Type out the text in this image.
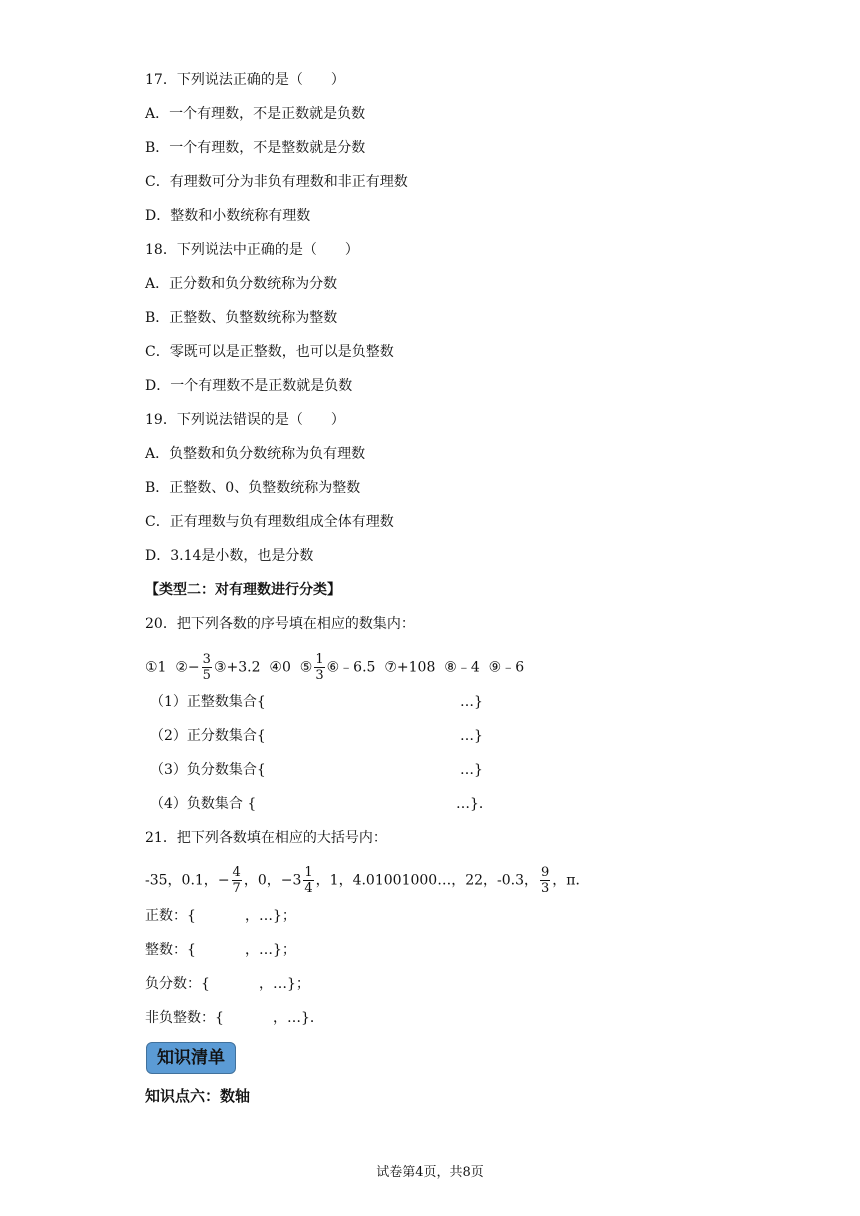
17．下列说法正确的是（　　）
A．一个有理数，不是正数就是负数
B．一个有理数，不是整数就是分数
C．有理数可分为非负有理数和非正有理数
D．整数和小数统称有理数
18．下列说法中正确的是（　　）
A．正分数和负分数统称为分数
B．正整数、负整数统称为整数
C．零既可以是正整数，也可以是负整数
D．一个有理数不是正数就是负数
19．下列说法错误的是（　　）
A．负整数和负分数统称为负有理数
B．正整数、0、负整数统称为整数
C．正有理数与负有理数组成全体有理数
D．3.14是小数，也是分数
【类型二：对有理数进行分类】
20．把下列各数的序号填在相应的数集内：
①1 ②− $\frac{3}{5}$ ③+3.2 ④0 ⑤ $\frac{1}{3}$ ⑥﹣6.5 ⑦+108 ⑧﹣4 ⑨﹣6
（1）正整数集合{	…}
（2）正分数集合{	…}
（3）负分数集合{	…}
（4）负数集合 {	…}．
21．把下列各数填在相应的大括号内：
-35，0.1，− $\frac{4}{7}$ ，0，$-3 \frac{1}{4}$ ，1，4.01001000…，22，-0.3， $\frac{9}{3}$ ，π．
正数：{	，…}；
整数：{	，…}；
负分数：{	，…}；
非负整数：{	，…}．
知识清单
知识点六：数轴
试卷第4页，共8页
